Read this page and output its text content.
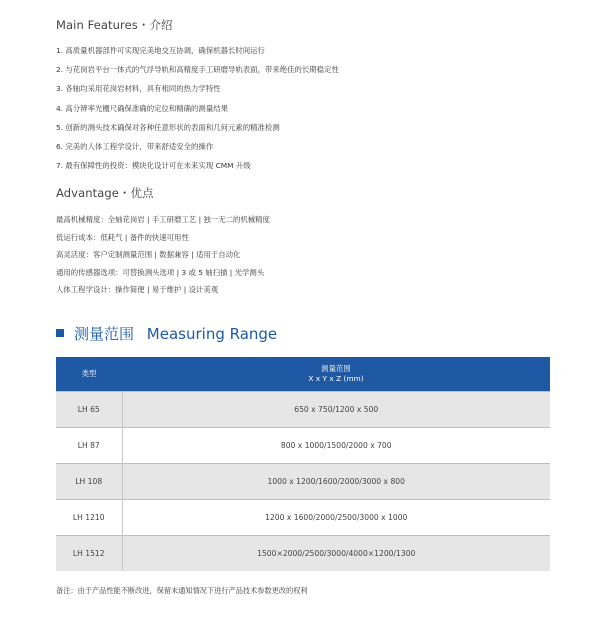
Main Features・介绍
1. 高质量机器部件可实现完美地交互协调，确保机器长时间运行
2. 与花岗岩平台一体式的气浮导轨和高精度手工研磨导轨表面，带来绝佳的长期稳定性
3. 各轴均采用花岗岩材料，具有相同的热力学特性
4. 高分辨率光栅尺确保准确的定位和精确的测量结果
5. 创新的测头技术确保对各种任意形状的表面和几何元素的精准检测
6. 完美的人体工程学设计，带来舒适安全的操作
7. 最有保障性的投资：模块化设计可在未来实现 CMM 升级
Advantage・优点
最高机械精度：全轴花岗岩 | 手工研磨工艺 | 独一无二的机械精度
低运行成本：低耗气 | 备件的快速可用性
高灵活度：客户定制测量范围 | 数据兼容 | 适用于自动化
通用的传感器选项：可替换测头选项 | 3 或 5 轴扫描 | 光学测头
人体工程学设计：操作简便 | 易于维护 | 设计美观
测量范围 Measuring Range
类型	测量范围
X x Y x Z (mm)

LH 65	650 x 750/1200 x 500
LH 87	800 x 1000/1500/2000 x 700
LH 108	1000 x 1200/1600/2000/3000 x 800
LH 1210	1200 x 1600/2000/2500/3000 x 1000
LH 1512	1500×2000/2500/3000/4000×1200/1300
备注：由于产品性能不断改进，保留未通知情况下进行产品技术参数更改的权利
